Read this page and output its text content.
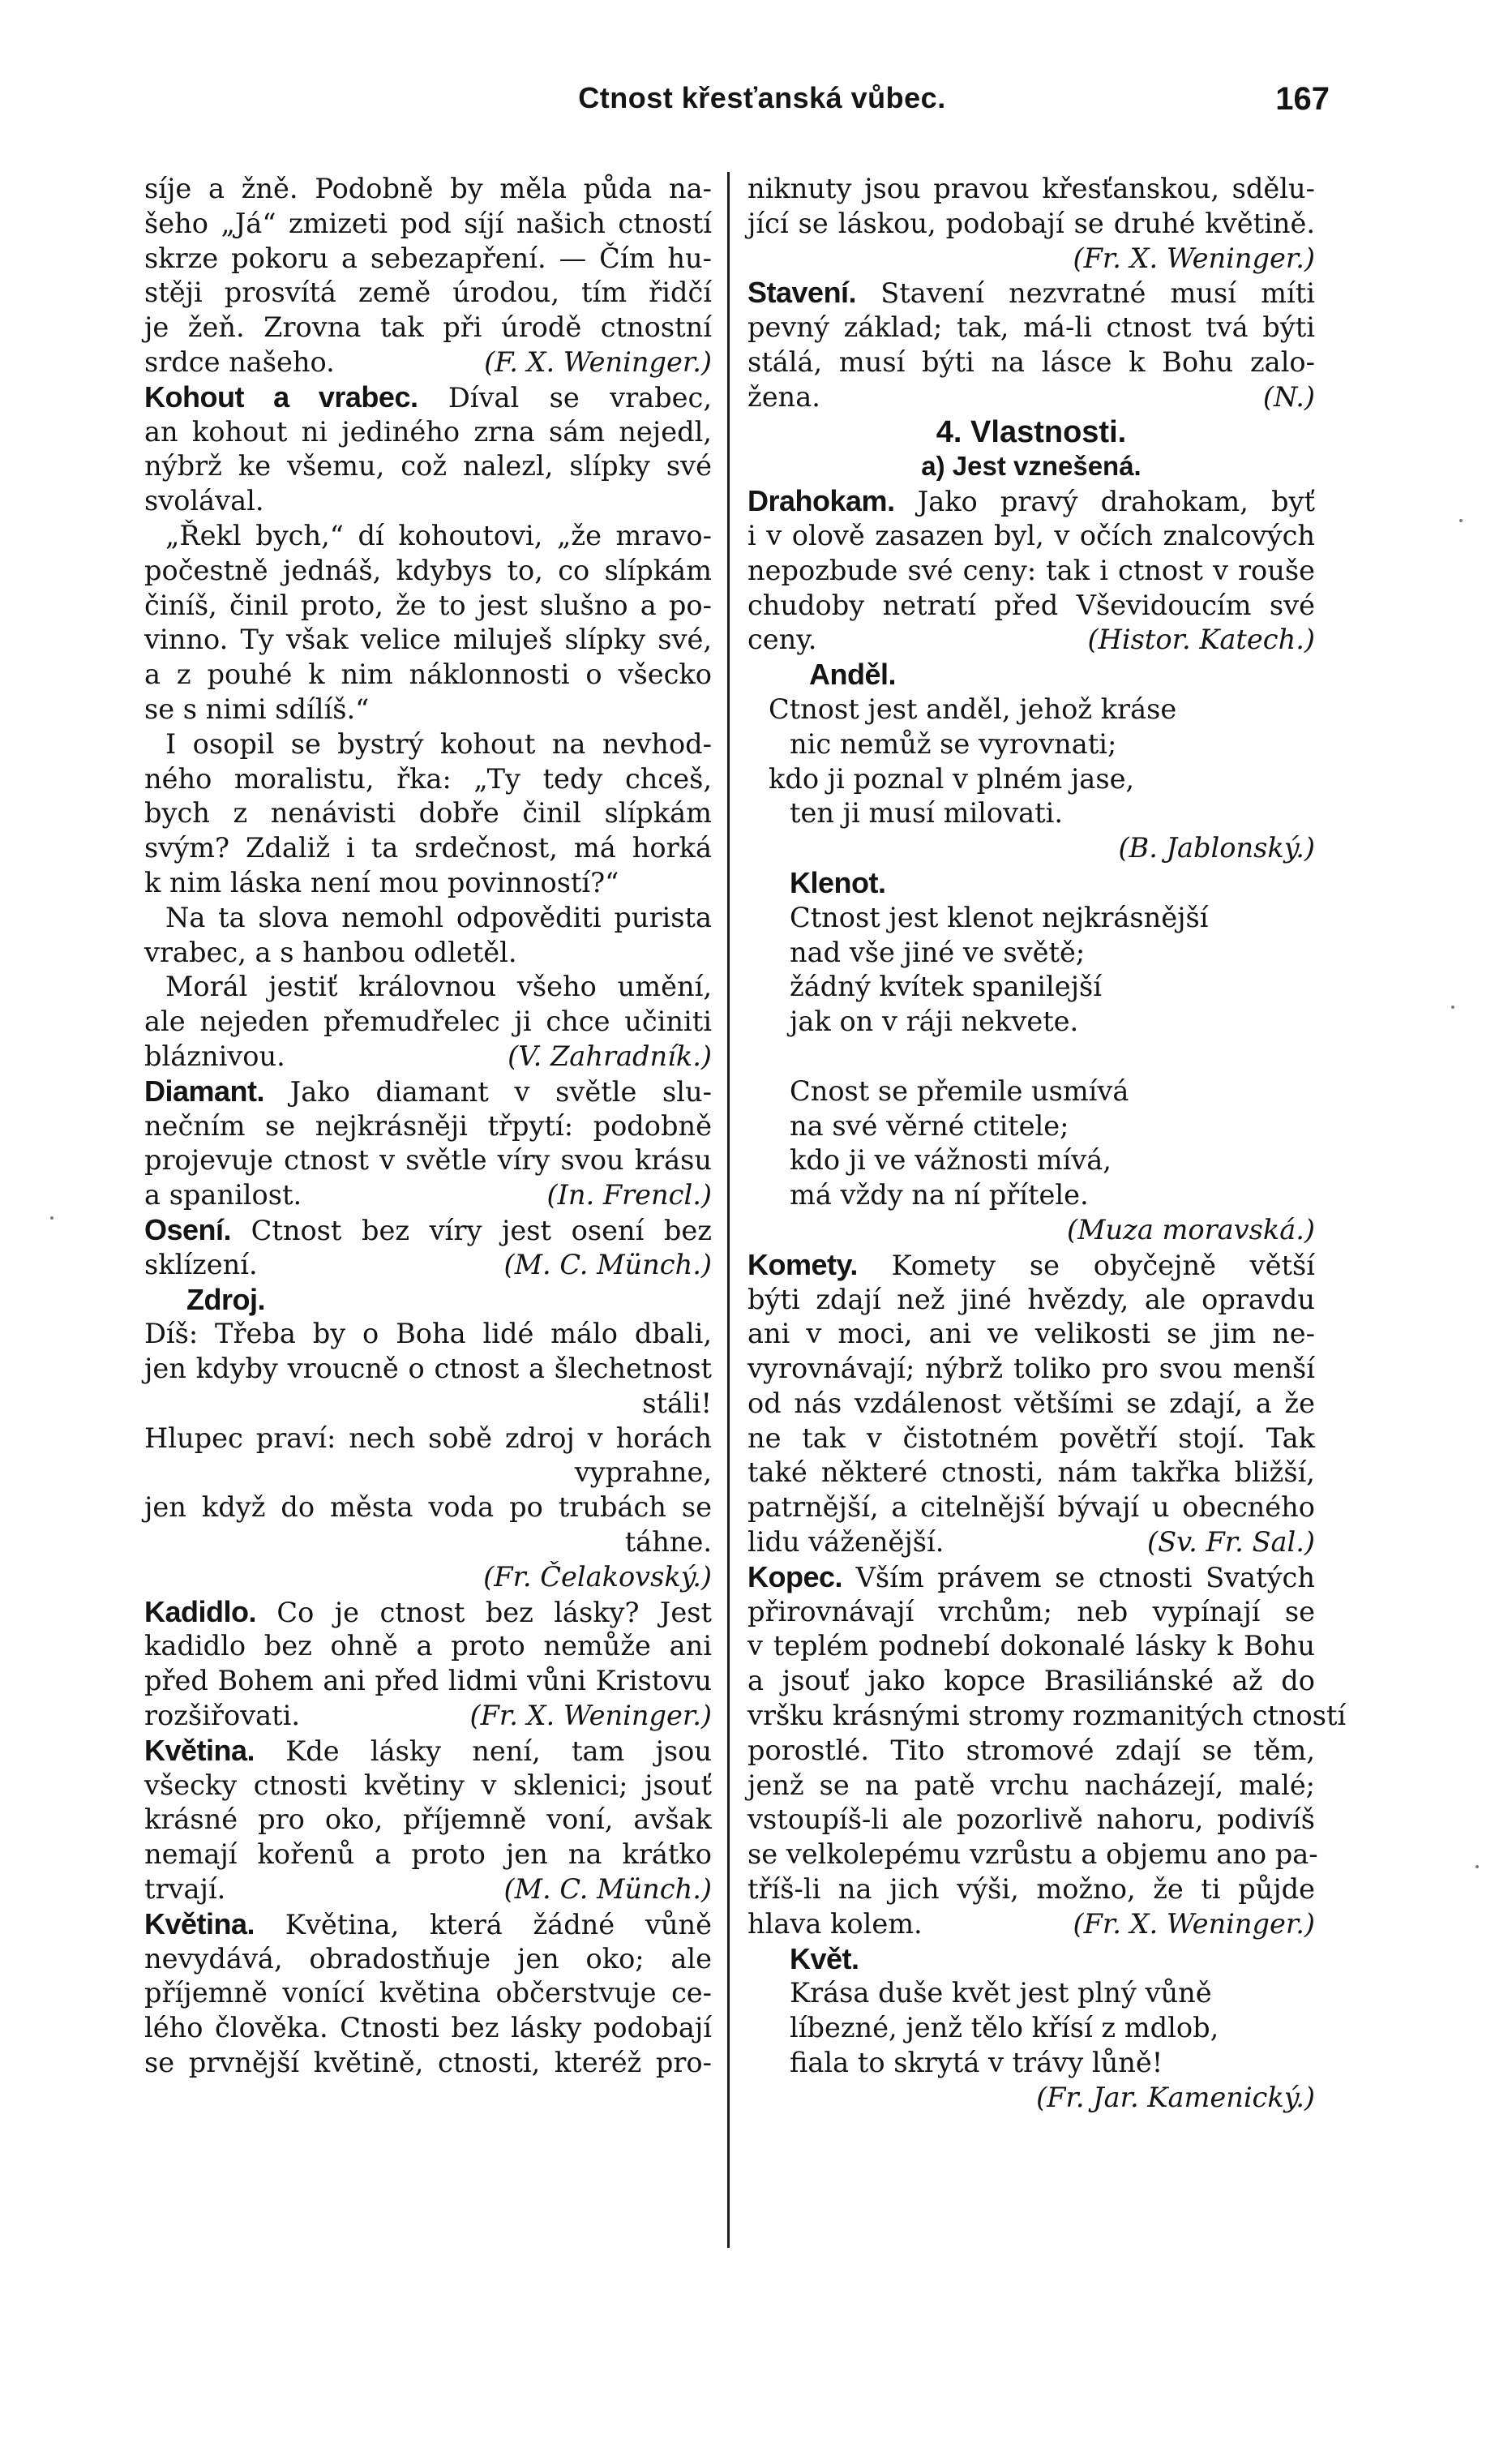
Ctnost křesťanská vůbec.	167
síje a žně. Podobně by měla půda na-
šeho „Já“ zmizeti pod síjí našich ctností
skrze pokoru a sebezapření. — Čím hu-
stěji prosvítá země úrodou, tím řidčí
je žeň. Zrovna tak při úrodě ctnostní
srdce našeho.	(F. X. Weninger.)
Kohout a vrabec. Díval se vrabec,
an kohout ni jediného zrna sám nejedl,
nýbrž ke všemu, což nalezl, slípky své
svolával.
„Řekl bych,“ dí kohoutovi, „že mravo-
počestně jednáš, kdybys to, co slípkám
činíš, činil proto, že to jest slušno a po-
vinno. Ty však velice miluješ slípky své,
a z pouhé k nim náklonnosti o všecko
se s nimi sdílíš.“
I osopil se bystrý kohout na nevhod-
ného moralistu, řka: „Ty tedy chceš,
bych z nenávisti dobře činil slípkám
svým? Zdaliž i ta srdečnost, má horká
k nim láska není mou povinností?“
Na ta slova nemohl odpověditi purista
vrabec, a s hanbou odletěl.
Morál jestiť královnou všeho umění,
ale nejeden přemudřelec ji chce učiniti
bláznivou.	(V. Zahradník.)
Diamant. Jako diamant v světle slu-
nečním se nejkrásněji třpytí: podobně
projevuje ctnost v světle víry svou krásu
a spanilost.	(In. Frencl.)
Osení. Ctnost bez víry jest osení bez
sklízení.	(M. C. Münch.)
Zdroj.
Díš: Třeba by o Boha lidé málo dbali,
jen kdyby vroucně o ctnost a šlechetnost
stáli!
Hlupec praví: nech sobě zdroj v horách
vyprahne,
jen když do města voda po trubách se
táhne.
(Fr. Čelakovský.)
Kadidlo. Co je ctnost bez lásky? Jest
kadidlo bez ohně a proto nemůže ani
před Bohem ani před lidmi vůni Kristovu
rozšiřovati.	(Fr. X. Weninger.)
Květina. Kde lásky není, tam jsou
všecky ctnosti květiny v sklenici; jsouť
krásné pro oko, příjemně voní, avšak
nemají kořenů a proto jen na krátko
trvají.	(M. C. Münch.)
Květina. Květina, která žádné vůně
nevydává, obradostňuje jen oko; ale
příjemně vonící květina občerstvuje ce-
lého člověka. Ctnosti bez lásky podobají
se prvnější květině, ctnosti, kteréž pro-
niknuty jsou pravou křesťanskou, sdělu-
jící se láskou, podobají se druhé květině.
(Fr. X. Weninger.)
Stavení. Stavení nezvratné musí míti
pevný základ; tak, má-li ctnost tvá býti
stálá, musí býti na lásce k Bohu zalo-
žena.	(N.)
4. Vlastnosti.
a) Jest vznešená.
Drahokam. Jako pravý drahokam, byť
i v olově zasazen byl, v očích znalcových
nepozbude své ceny: tak i ctnost v rouše
chudoby netratí před Vševidoucím své
ceny.	(Histor. Katech.)
Anděl.
Ctnost jest anděl, jehož krásе
nic nemůž se vyrovnati;
kdo ji poznal v plném jase,
ten ji musí milovati.
(B. Jablonský.)
Klenot.
Ctnost jest klenot nejkrásnější
nad vše jiné ve světě;
žádný kvítek spanilejší
jak on v ráji nekvete.
Cnost se přemile usmívá
na své věrné ctitele;
kdo ji ve vážnosti mívá,
má vždy na ní přítele.
(Muza moravská.)
Komety. Komety se obyčejně větší
býti zdají než jiné hvězdy, ale opravdu
ani v moci, ani ve velikosti se jim ne-
vyrovnávají; nýbrž toliko pro svou menší
od nás vzdálenost většími se zdají, a že
ne tak v čistotném povětří stojí. Tak
také některé ctnosti, nám takřka bližší,
patrnější, a citelnější bývají u obecného
lidu váženější.	(Sv. Fr. Sal.)
Kopec. Vším právem se ctnosti Svatých
přirovnávají vrchům; neb vypínají se
v teplém podnebí dokonalé lásky k Bohu
a jsouť jako kopce Brasiliánské až do
vršku krásnými stromy rozmanitých ctností
porostlé. Tito stromové zdají se těm,
jenž se na patě vrchu nacházejí, malé;
vstoupíš-li ale pozorlivě nahoru, podivíš
se velkolepému vzrůstu a objemu ano pa-
tříš-li na jich výši, možno, že ti půjde
hlava kolem.	(Fr. X. Weninger.)
Květ.
Krása duše květ jest plný vůně
líbezné, jenž tělo křísí z mdlob,
fiala to skrytá v trávy lůně!
(Fr. Jar. Kamenický.)
